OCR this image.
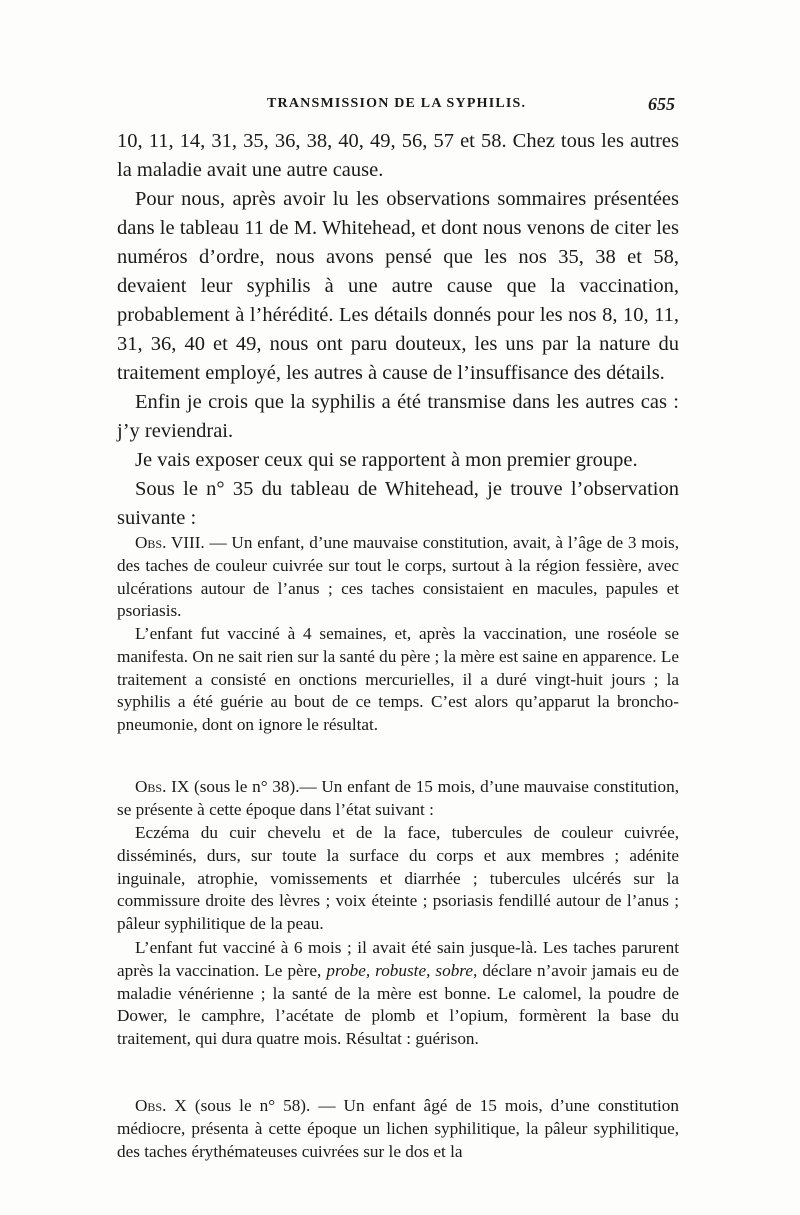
TRANSMISSION DE LA SYPHILIS.	655

10, 11, 14, 31, 35, 36, 38, 40, 49, 56, 57 et 58. Chez tous les autres la maladie avait une autre cause.

Pour nous, après avoir lu les observations sommaires présentées dans le tableau 11 de M. Whitehead, et dont nous venons de citer les numéros d’ordre, nous avons pensé que les nos 35, 38 et 58, devaient leur syphilis à une autre cause que la vaccination, probablement à l’hérédité. Les détails donnés pour les nos 8, 10, 11, 31, 36, 40 et 49, nous ont paru douteux, les uns par la nature du traitement employé, les autres à cause de l’insuffisance des détails.

Enfin je crois que la syphilis a été transmise dans les autres cas : j’y reviendrai.

Je vais exposer ceux qui se rapportent à mon premier groupe.

Sous le n° 35 du tableau de Whitehead, je trouve l’observation suivante :

Obs. VIII. — Un enfant, d’une mauvaise constitution, avait, à l’âge de 3 mois, des taches de couleur cuivrée sur tout le corps, surtout à la région fessière, avec ulcérations autour de l’anus ; ces taches consistaient en macules, papules et psoriasis.

L’enfant fut vacciné à 4 semaines, et, après la vaccination, une roséole se manifesta. On ne sait rien sur la santé du père ; la mère est saine en apparence. Le traitement a consisté en onctions mercurielles, il a duré vingt-huit jours ; la syphilis a été guérie au bout de ce temps. C’est alors qu’apparut la broncho-pneumonie, dont on ignore le résultat.

Obs. IX (sous le n° 38).— Un enfant de 15 mois, d’une mauvaise constitution, se présente à cette époque dans l’état suivant :

Eczéma du cuir chevelu et de la face, tubercules de couleur cuivrée, disséminés, durs, sur toute la surface du corps et aux membres ; adénite inguinale, atrophie, vomissements et diarrhée ; tubercules ulcérés sur la commissure droite des lèvres ; voix éteinte ; psoriasis fendillé autour de l’anus ; pâleur syphilitique de la peau.

L’enfant fut vacciné à 6 mois ; il avait été sain jusque-là. Les taches parurent après la vaccination. Le père, probe, robuste, sobre, déclare n’avoir jamais eu de maladie vénérienne ; la santé de la mère est bonne. Le calomel, la poudre de Dower, le camphre, l’acétate de plomb et l’opium, formèrent la base du traitement, qui dura quatre mois. Résultat : guérison.

Obs. X (sous le n° 58). — Un enfant âgé de 15 mois, d’une constitution médiocre, présenta à cette époque un lichen syphilitique, la pâleur syphilitique, des taches érythémateuses cuivrées sur le dos et la
